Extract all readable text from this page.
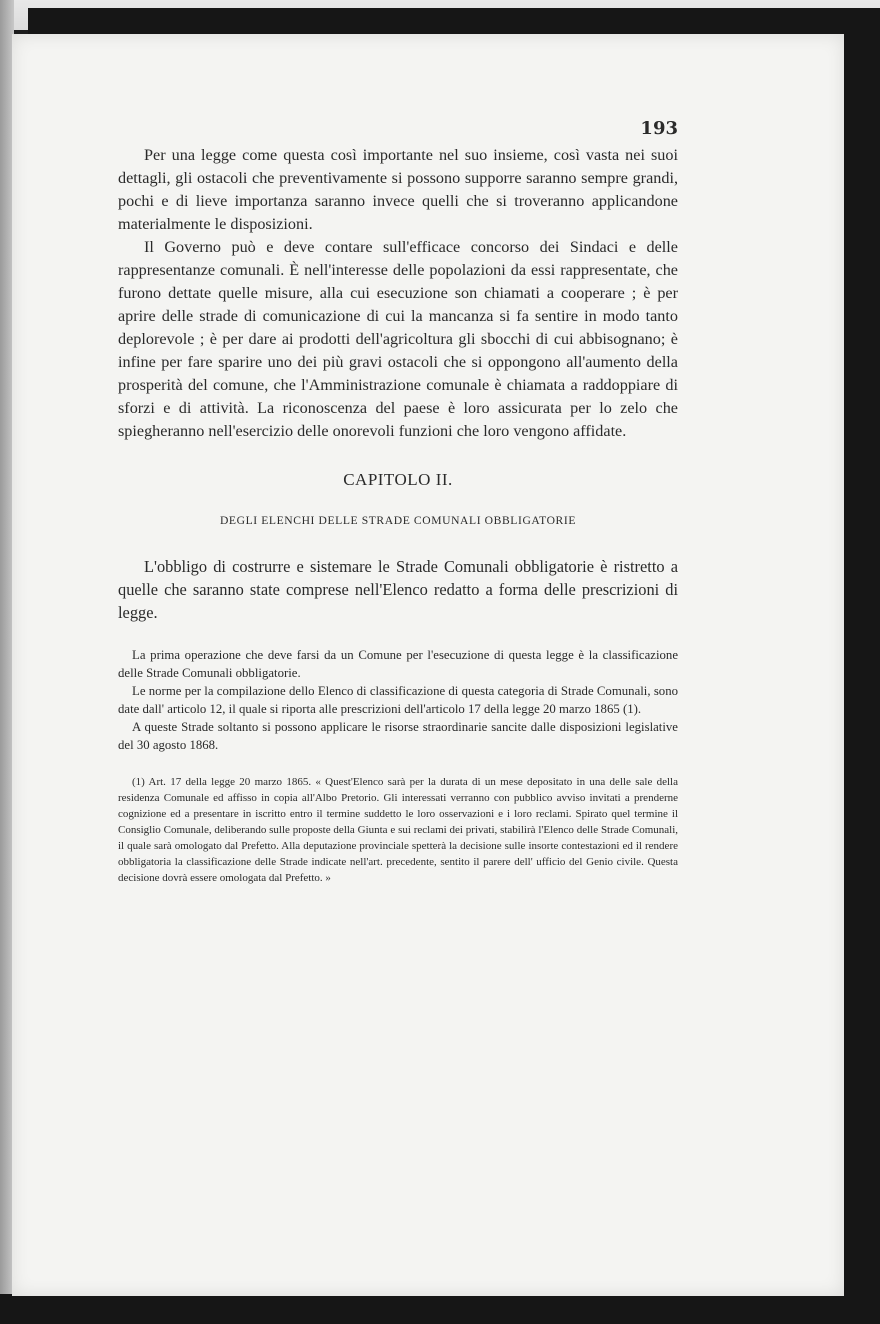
193

Per una legge come questa così importante nel suo insieme, così vasta nei suoi dettagli, gli ostacoli che preventivamente si possono supporre saranno sempre grandi, pochi e di lieve importanza saranno invece quelli che si troveranno applicandone materialmente le disposizioni.

Il Governo può e deve contare sull'efficace concorso dei Sindaci e delle rappresentanze comunali. È nell'interesse delle popolazioni da essi rappresentate, che furono dettate quelle misure, alla cui esecuzione son chiamati a cooperare ; è per aprire delle strade di comunicazione di cui la mancanza si fa sentire in modo tanto deplorevole ; è per dare ai prodotti dell'agricoltura gli sbocchi di cui abbisognano; è infine per fare sparire uno dei più gravi ostacoli che si oppongono all'aumento della prosperità del comune, che l'Amministrazione comunale è chiamata a raddoppiare di sforzi e di attività. La riconoscenza del paese è loro assicurata per lo zelo che spiegheranno nell'esercizio delle onorevoli funzioni che loro vengono affidate.

CAPITOLO II.
DEGLI ELENCHI DELLE STRADE COMUNALI OBBLIGATORIE

L'obbligo di costrurre e sistemare le Strade Comunali obbligatorie è ristretto a quelle che saranno state comprese nell'Elenco redatto a forma delle prescrizioni di legge.

La prima operazione che deve farsi da un Comune per l'esecuzione di questa legge è la classificazione delle Strade Comunali obbligatorie.

Le norme per la compilazione dello Elenco di classificazione di questa categoria di Strade Comunali, sono date dall' articolo 12, il quale si riporta alle prescrizioni dell'articolo 17 della legge 20 marzo 1865 (1).

A queste Strade soltanto si possono applicare le risorse straordinarie sancite dalle disposizioni legislative del 30 agosto 1868.

(1) Art. 17 della legge 20 marzo 1865. « Quest'Elenco sarà per la durata di un mese depositato in una delle sale della residenza Comunale ed affisso in copia all'Albo Pretorio. Gli interessati verranno con pubblico avviso invitati a prenderne cognizione ed a presentare in iscritto entro il termine suddetto le loro osservazioni e i loro reclami. Spirato quel termine il Consiglio Comunale, deliberando sulle proposte della Giunta e sui reclami dei privati, stabilirà l'Elenco delle Strade Comunali, il quale sarà omologato dal Prefetto. Alla deputazione provinciale spetterà la decisione sulle insorte contestazioni ed il rendere obbligatoria la classificazione delle Strade indicate nell'art. precedente, sentito il parere dell' ufficio del Genio civile. Questa decisione dovrà essere omologata dal Prefetto. »
